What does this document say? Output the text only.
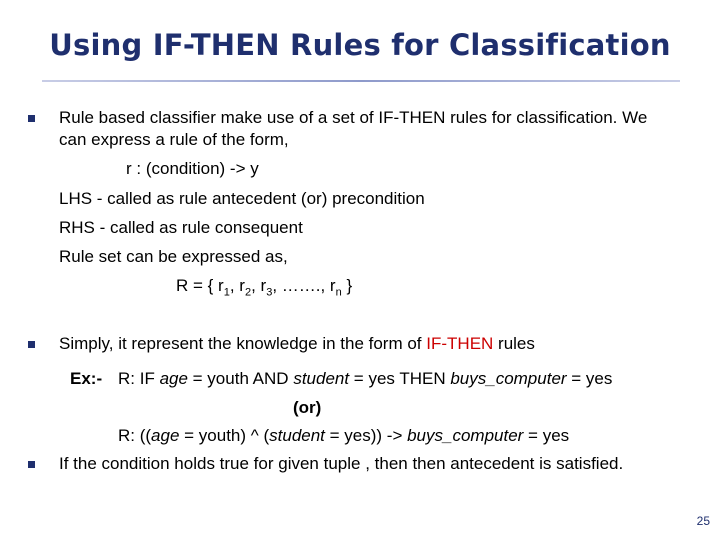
Using IF-THEN Rules for Classification
Rule based classifier make use of a set of IF-THEN rules for classification. We
can express a rule of the form,
r : (condition) -> y
LHS - called as rule antecedent (or) precondition
RHS - called as rule consequent
Rule set can be expressed as,
R = { $r_1$, $r_2$, $r_3$, ……., $r_n$ }
Simply, it represent the knowledge in the form of IF-THEN rules
Ex:- R: IF age = youth AND student = yes THEN buys_computer = yes
(or)
R: ((age = youth) ^ (student = yes)) -> buys_computer = yes
If the condition holds true for given tuple , then then antecedent is satisfied.
25
